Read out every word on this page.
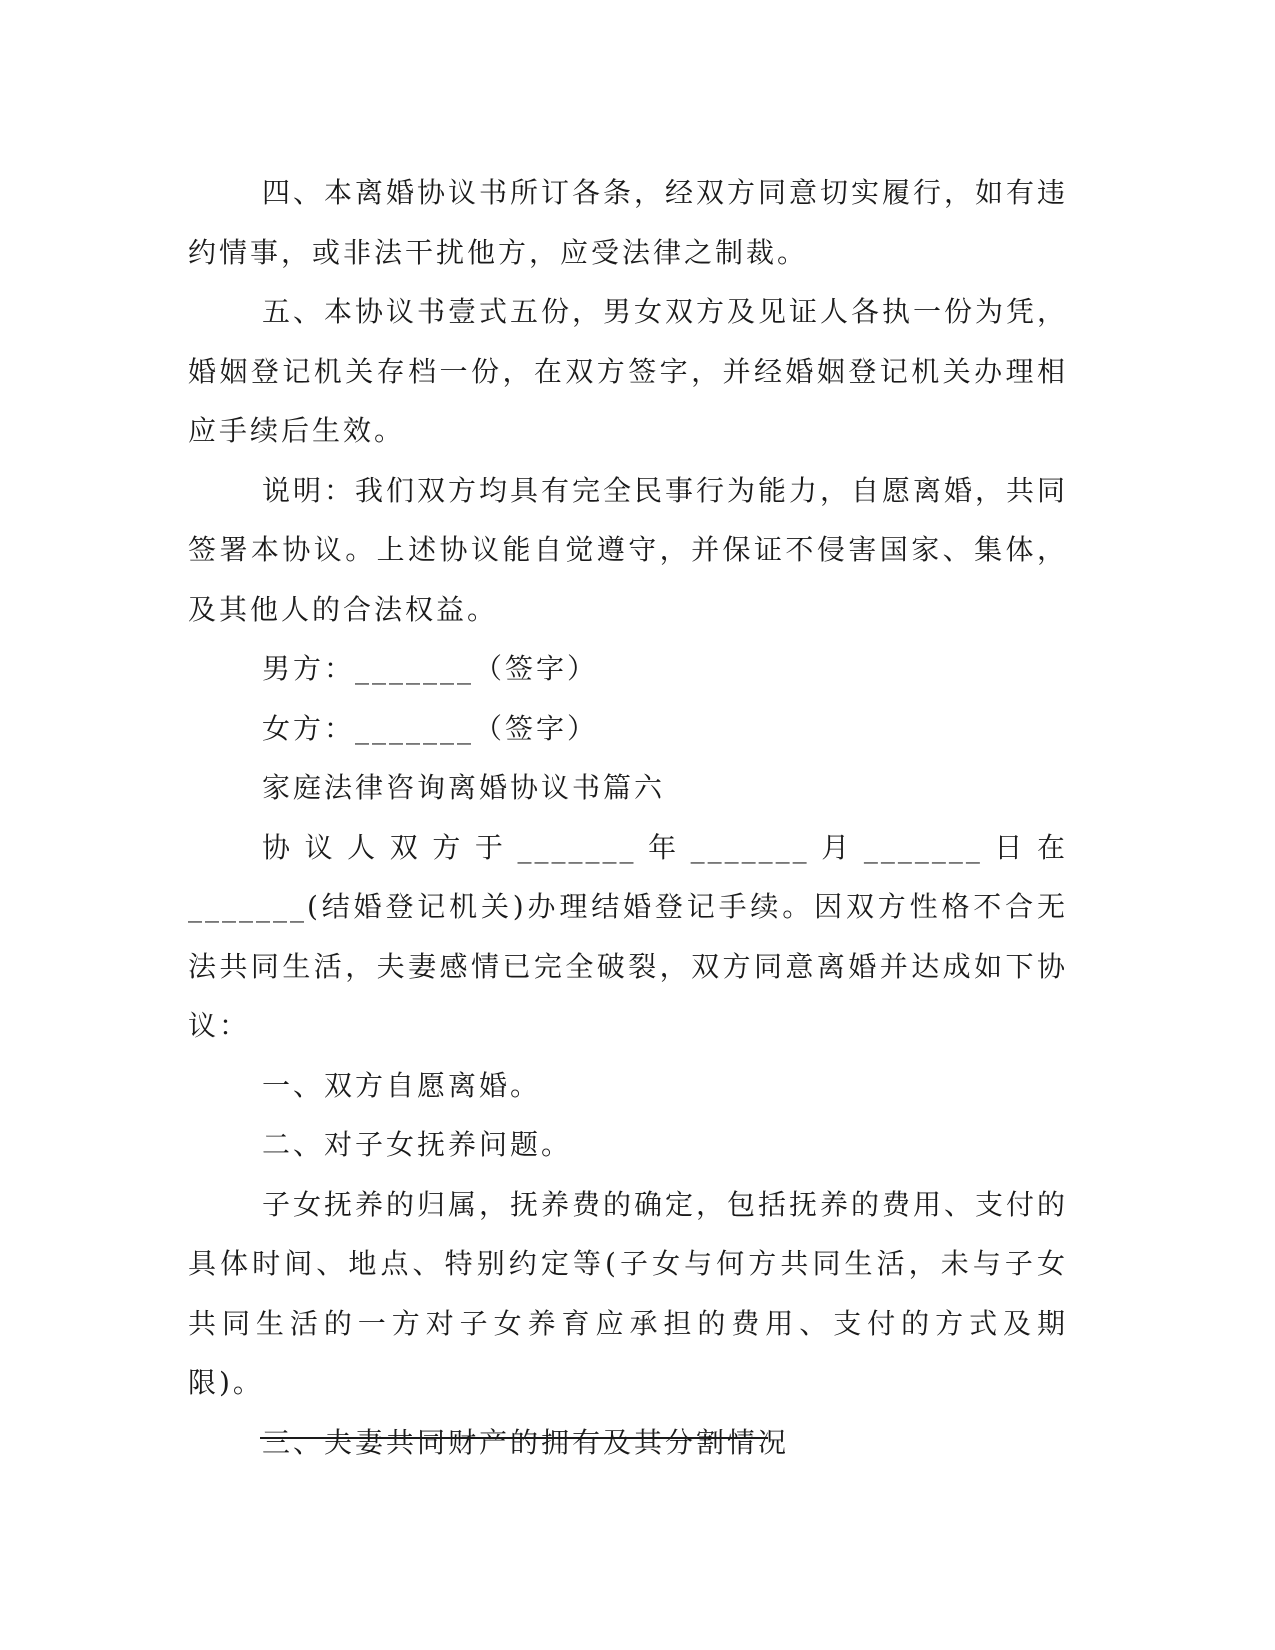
四、本离婚协议书所订各条，经双方同意切实履行，如有违约情事，或非法干扰他方，应受法律之制裁。

五、本协议书壹式五份，男女双方及见证人各执一份为凭，婚姻登记机关存档一份，在双方签字，并经婚姻登记机关办理相应手续后生效。

说明：我们双方均具有完全民事行为能力，自愿离婚，共同签署本协议。上述协议能自觉遵守，并保证不侵害国家、集体，及其他人的合法权益。

男方：_______（签字）

女方：_______（签字）

家庭法律咨询离婚协议书篇六

协议人双方于_______年_______月_______日在_______(结婚登记机关)办理结婚登记手续。因双方性格不合无法共同生活，夫妻感情已完全破裂，双方同意离婚并达成如下协议：

一、双方自愿离婚。

二、对子女抚养问题。

子女抚养的归属，抚养费的确定，包括抚养的费用、支付的具体时间、地点、特别约定等(子女与何方共同生活，未与子女共同生活的一方对子女养育应承担的费用、支付的方式及期限)。

三、夫妻共同财产的拥有及其分割情况
